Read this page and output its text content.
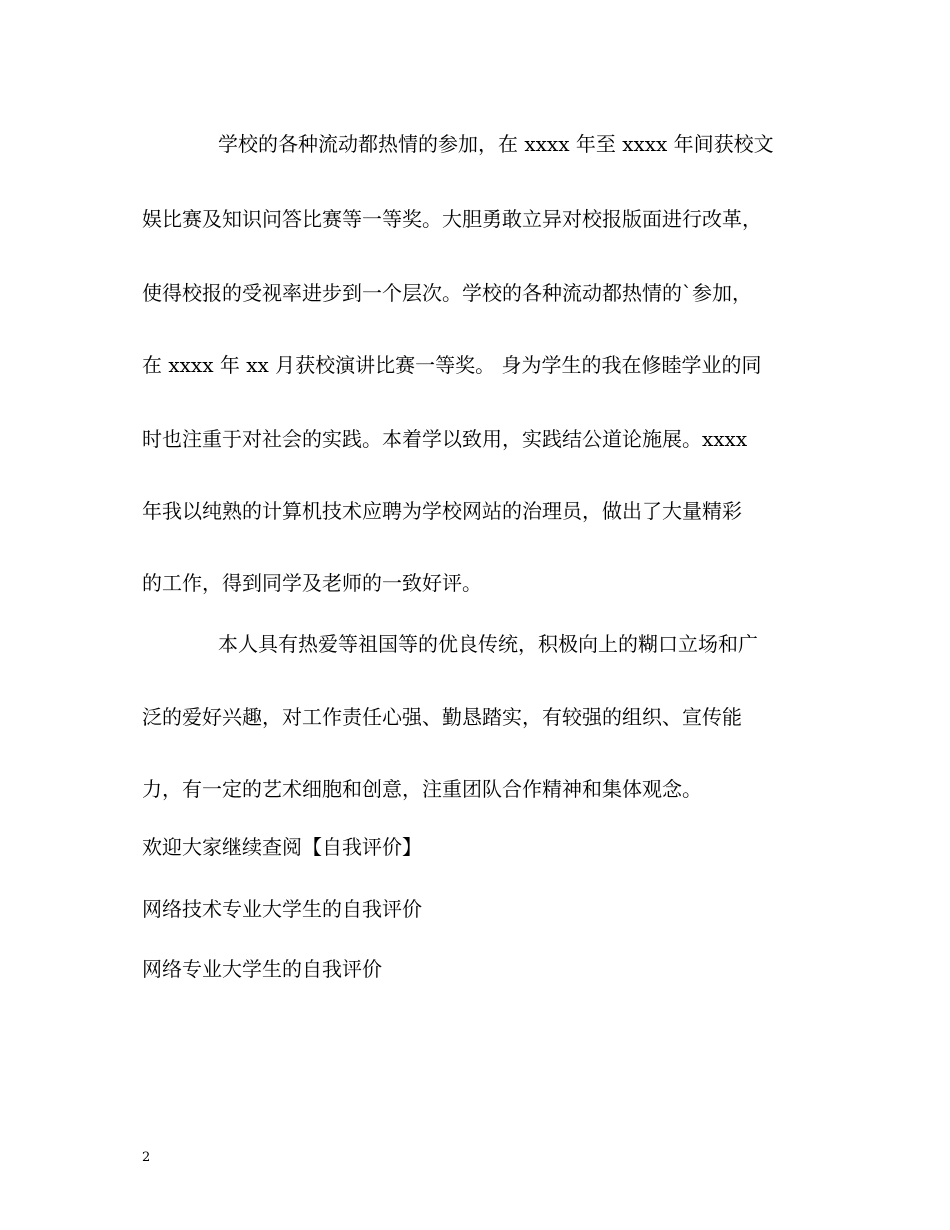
学校的各种流动都热情的参加，在 xxxx 年至 xxxx 年间获校文
娱比赛及知识问答比赛等一等奖。大胆勇敢立异对校报版面进行改革，
使得校报的受视率进步到一个层次。学校的各种流动都热情的`参加，
在 xxxx 年 xx 月获校演讲比赛一等奖。 身为学生的我在修睦学业的同
时也注重于对社会的实践。本着学以致用，实践结公道论施展。xxxx
年我以纯熟的计算机技术应聘为学校网站的治理员，做出了大量精彩
的工作，得到同学及老师的一致好评。
本人具有热爱等祖国等的优良传统，积极向上的糊口立场和广
泛的爱好兴趣，对工作责任心强、勤恳踏实，有较强的组织、宣传能
力，有一定的艺术细胞和创意，注重团队合作精神和集体观念。
欢迎大家继续查阅【自我评价】
网络技术专业大学生的自我评价
网络专业大学生的自我评价
2
